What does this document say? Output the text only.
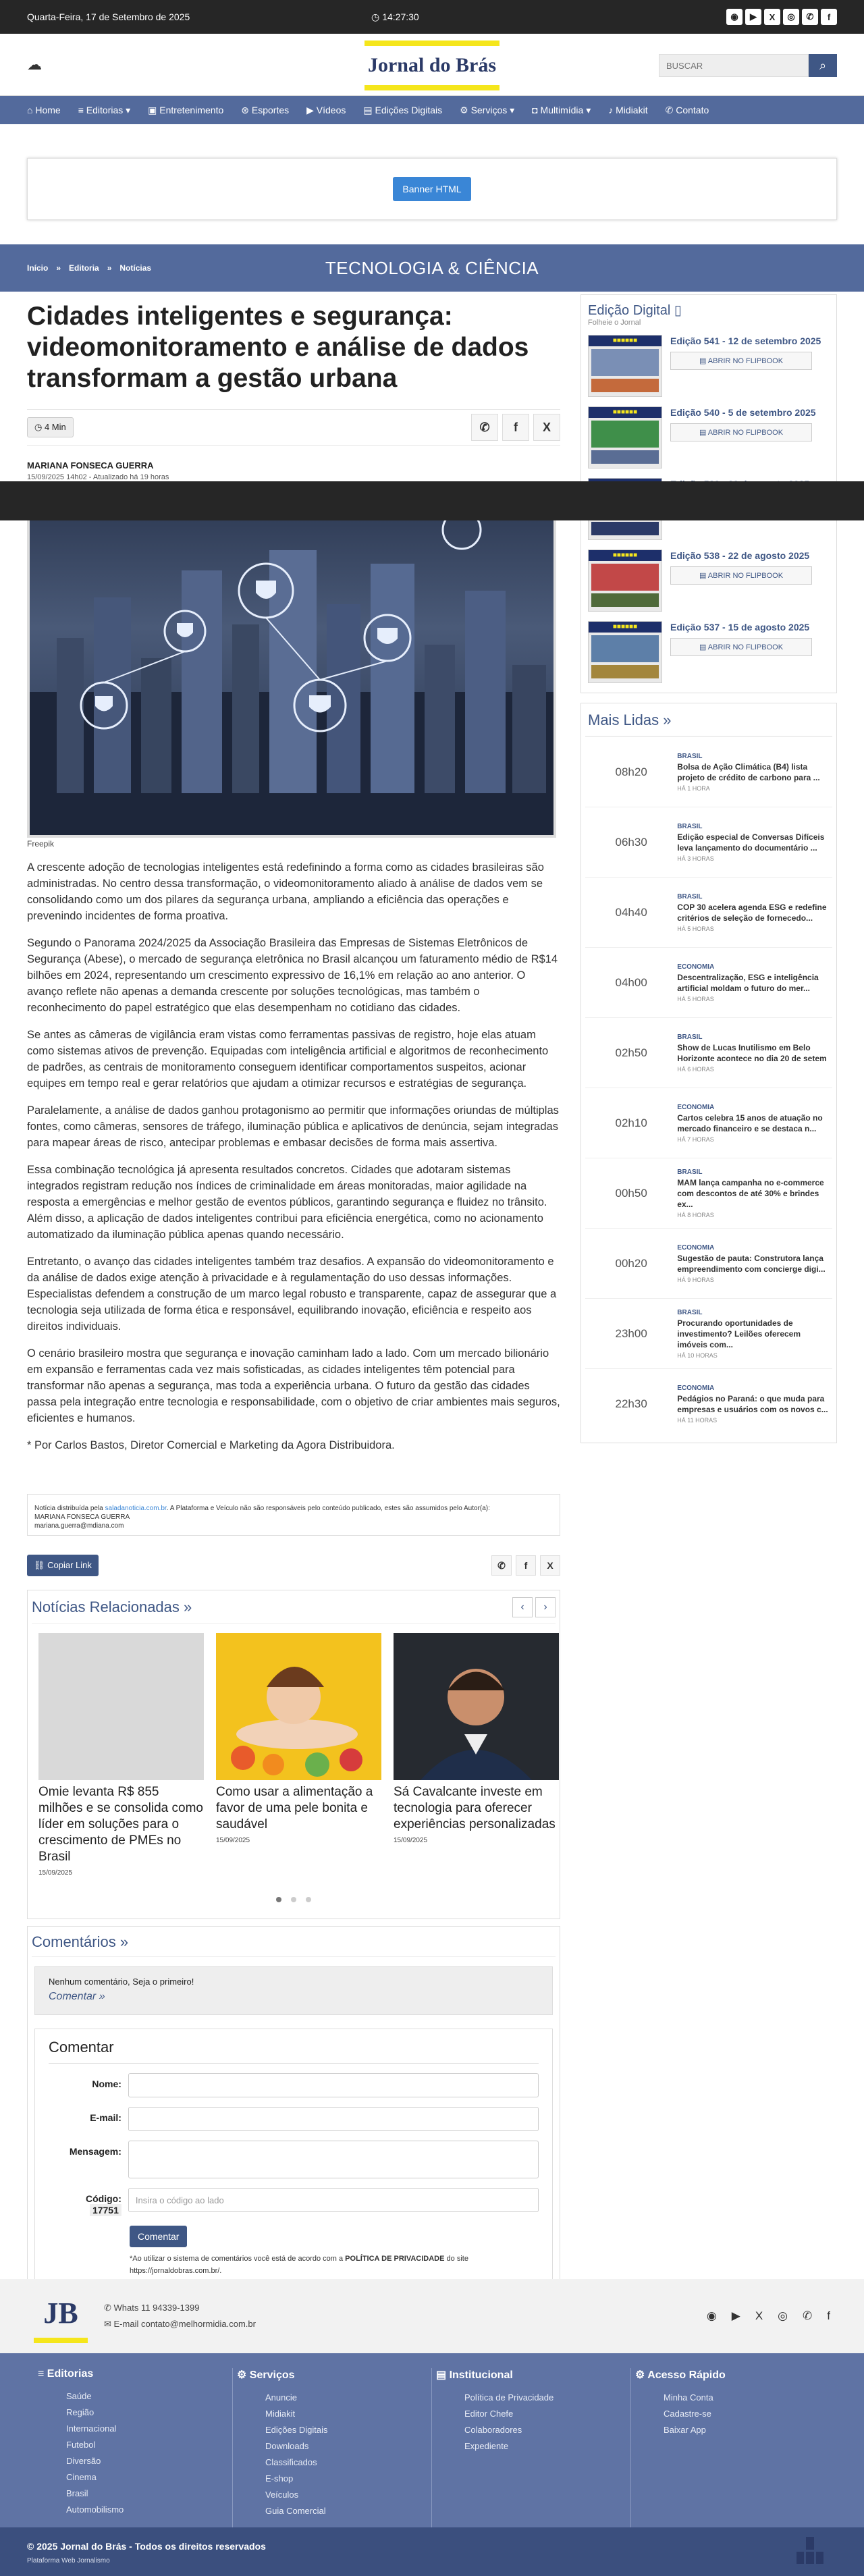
Quarta-Feira, 17 de Setembro de 2025	◷ 14:27:30	◉	▶	X	◎	✆	f
☁	Jornal do Brás
BUSCAR	⌕
⌂ Home ≡ Editorias ▾ ▣ Entretenimento ⊛ Esportes ▶ Vídeos ▤ Edições Digitais ⚙ Serviços ▾ ◘ Multimídia ▾ ♪ Midiakit ✆ Contato
Banner HTML
Início » Editoria » Notícias	TECNOLOGIA & CIÊNCIA
Cidades inteligentes e segurança: videomonitoramento e análise de dados transformam a gestão urbana
◷ 4 Min	✆	f	X
MARIANA FONSECA GUERRA
15/09/2025 14h02 - Atualizado há 19 horas
Freepik

A crescente adoção de tecnologias inteligentes está redefinindo a forma como as cidades brasileiras são administradas. No centro dessa transformação, o videomonitoramento aliado à análise de dados vem se consolidando como um dos pilares da segurança urbana, ampliando a eficiência das operações e prevenindo incidentes de forma proativa.

Segundo o Panorama 2024/2025 da Associação Brasileira das Empresas de Sistemas Eletrônicos de Segurança (Abese), o mercado de segurança eletrônica no Brasil alcançou um faturamento médio de R$14 bilhões em 2024, representando um crescimento expressivo de 16,1% em relação ao ano anterior. O avanço reflete não apenas a demanda crescente por soluções tecnológicas, mas também o reconhecimento do papel estratégico que elas desempenham no cotidiano das cidades.

Se antes as câmeras de vigilância eram vistas como ferramentas passivas de registro, hoje elas atuam como sistemas ativos de prevenção. Equipadas com inteligência artificial e algoritmos de reconhecimento de padrões, as centrais de monitoramento conseguem identificar comportamentos suspeitos, acionar equipes em tempo real e gerar relatórios que ajudam a otimizar recursos e estratégias de segurança.

Paralelamente, a análise de dados ganhou protagonismo ao permitir que informações oriundas de múltiplas fontes, como câmeras, sensores de tráfego, iluminação pública e aplicativos de denúncia, sejam integradas para mapear áreas de risco, antecipar problemas e embasar decisões de forma mais assertiva.

Essa combinação tecnológica já apresenta resultados concretos. Cidades que adotaram sistemas integrados registram redução nos índices de criminalidade em áreas monitoradas, maior agilidade na resposta a emergências e melhor gestão de eventos públicos, garantindo segurança e fluidez no trânsito. Além disso, a aplicação de dados inteligentes contribui para eficiência energética, como no acionamento automatizado da iluminação pública apenas quando necessário.

Entretanto, o avanço das cidades inteligentes também traz desafios. A expansão do videomonitoramento e da análise de dados exige atenção à privacidade e à regulamentação do uso dessas informações. Especialistas defendem a construção de um marco legal robusto e transparente, capaz de assegurar que a tecnologia seja utilizada de forma ética e responsável, equilibrando inovação, eficiência e respeito aos direitos individuais.

O cenário brasileiro mostra que segurança e inovação caminham lado a lado. Com um mercado bilionário em expansão e ferramentas cada vez mais sofisticadas, as cidades inteligentes têm potencial para transformar não apenas a segurança, mas toda a experiência urbana. O futuro da gestão das cidades passa pela integração entre tecnologia e responsabilidade, com o objetivo de criar ambientes mais seguros, eficientes e humanos.

* Por Carlos Bastos, Diretor Comercial e Marketing da Agora Distribuidora.

Notícia distribuída pela saladanoticia.com.br. A Plataforma e Veículo não são responsáveis pelo conteúdo publicado, estes são assumidos pelo Autor(a):
MARIANA FONSECA GUERRA
mariana.guerra@mdiana.com
⛓ Copiar Link	✆	f	X
Notícias Relacionadas »	‹	›
Omie levanta R$ 855 milhões e se consolida como líder em soluções para o crescimento de PMEs no Brasil
15/09/2025
Como usar a alimentação a favor de uma pele bonita e saudável
15/09/2025
Sá Cavalcante investe em tecnologia para oferecer experiências personalizadas
15/09/2025
Comentários »
Nenhum comentário, Seja o primeiro!
Comentar »
Comentar
Nome:
E-mail:
Mensagem:
Código:
17751
Insira o código ao lado
Comentar
*Ao utilizar o sistema de comentários você está de acordo com a POLÍTICA DE PRIVACIDADE do site https://jornaldobras.com.br/.
Edição Digital ▯
Folheie o Jornal
■■■■■■	Edição 541 - 12 de setembro 2025
▤ ABRIR NO FLIPBOOK
■■■■■■	Edição 540 - 5 de setembro 2025
▤ ABRIR NO FLIPBOOK
■■■■■■	Edição 538 - 22 de agosto 2025
▤ ABRIR NO FLIPBOOK
■■■■■■	Edição 537 - 15 de agosto 2025
▤ ABRIR NO FLIPBOOK
Mais Lidas »
08h20
BRASIL
Bolsa de Ação Climática (B4) lista projeto de crédito de carbono para ...
HÁ 1 HORA
06h30
BRASIL
Edição especial de Conversas Difíceis leva lançamento do documentário ...
HÁ 3 HORAS
04h40
BRASIL
COP 30 acelera agenda ESG e redefine critérios de seleção de fornecedo...
HÁ 5 HORAS
04h00
ECONOMIA
Descentralização, ESG e inteligência artificial moldam o futuro do mer...
HÁ 5 HORAS
02h50
BRASIL
Show de Lucas Inutilismo em Belo Horizonte acontece no dia 20 de setem
HÁ 6 HORAS
02h10
ECONOMIA
Cartos celebra 15 anos de atuação no mercado financeiro e se destaca n...
HÁ 7 HORAS
00h50
BRASIL
MAM lança campanha no e-commerce com descontos de até 30% e brindes ex...
HÁ 8 HORAS
00h20
ECONOMIA
Sugestão de pauta: Construtora lança empreendimento com concierge digi...
HÁ 9 HORAS
23h00
BRASIL
Procurando oportunidades de investimento? Leilões oferecem imóveis com...
HÁ 10 HORAS
22h30
ECONOMIA
Pedágios no Paraná: o que muda para empresas e usuários com os novos c...
HÁ 11 HORAS
JB	✆ Whats 11 94339-1399
✉ E-mail contato@melhormidia.com.br
◉ ▶ X ◎ ✆ f
≡ Editorias
Saúde
Região
Internacional
Futebol
Diversão
Cinema
Brasil
Automobilismo
⚙ Serviços
Anuncie
Midiakit
Edições Digitais
Downloads
Classificados
E-shop
Veículos
Guia Comercial
▤ Institucional
Política de Privacidade
Editor Chefe
Colaboradores
Expediente
⚙ Acesso Rápido
Minha Conta
Cadastre-se
Baixar App
© 2025 Jornal do Brás - Todos os direitos reservados
Plataforma Web Jornalismo
